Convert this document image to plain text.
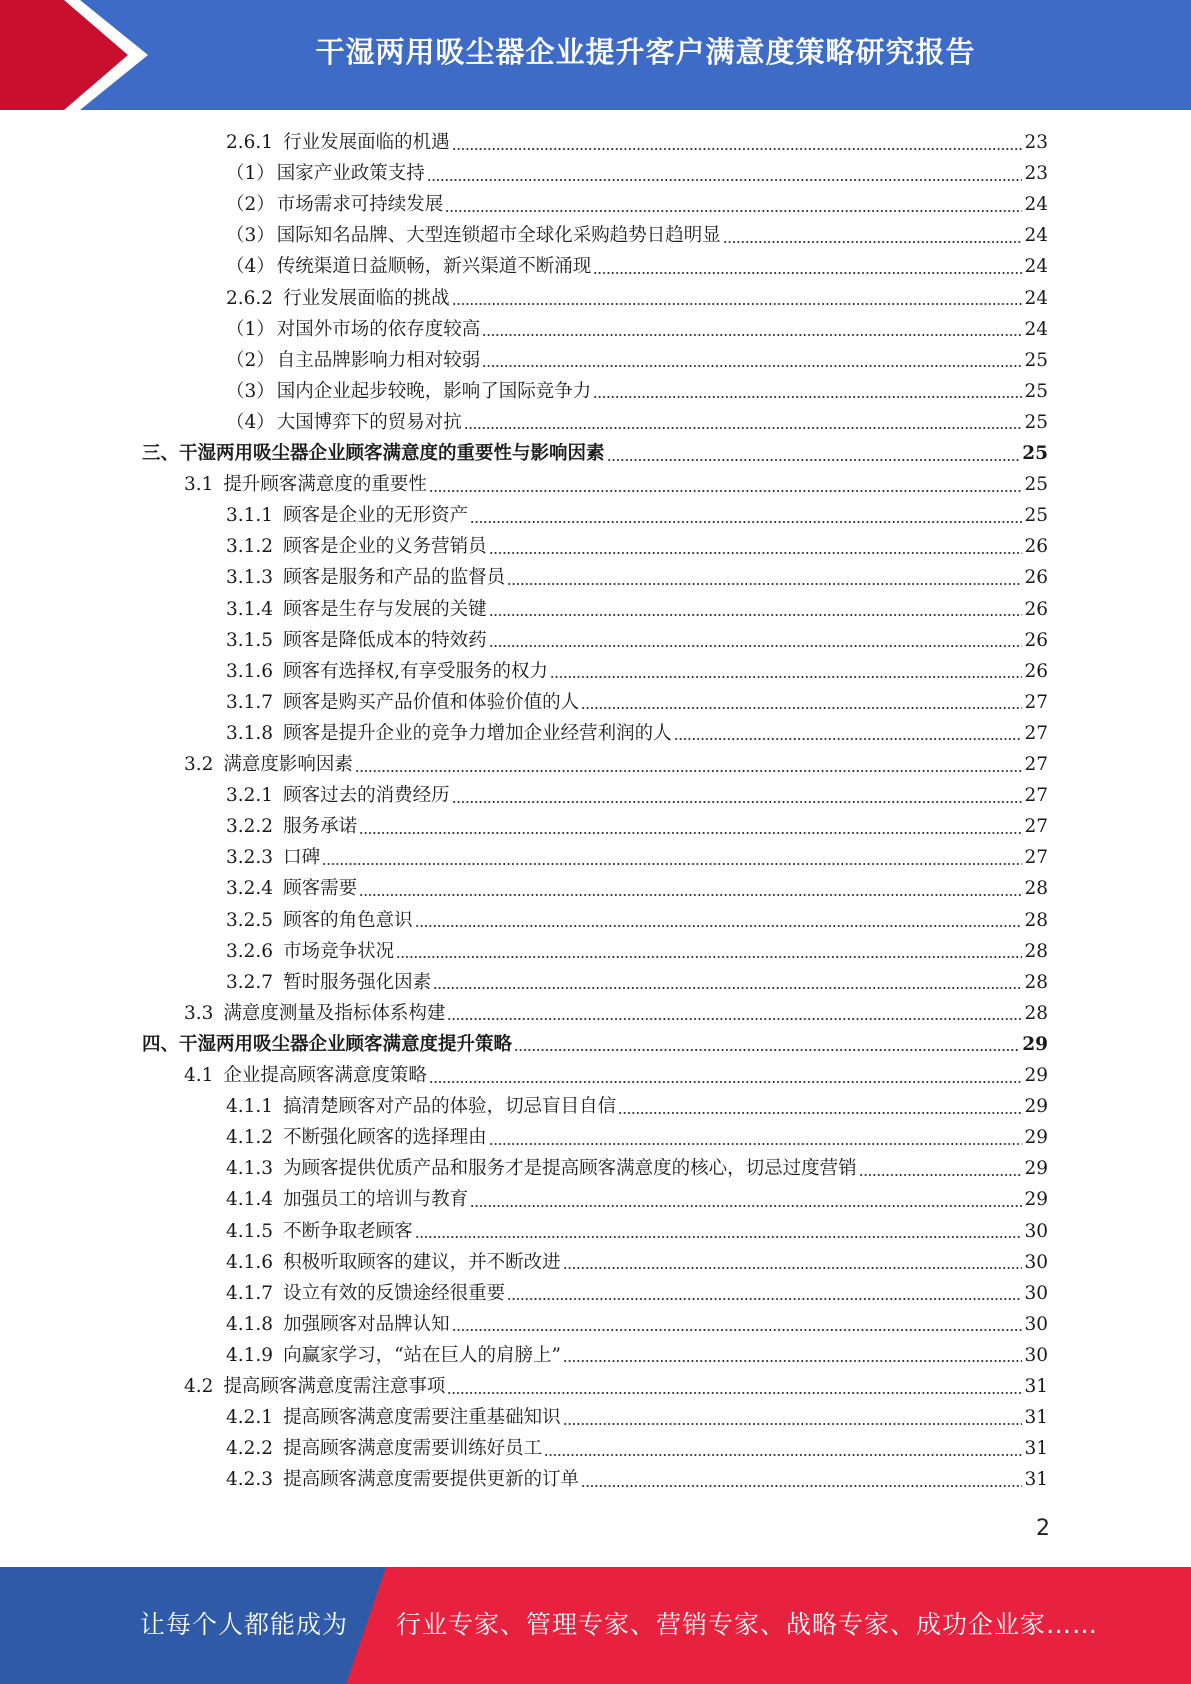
干湿两用吸尘器企业提升客户满意度策略研究报告
2.6.1 行业发展面临的机遇	23
（1） 国家产业政策支持	23
（2） 市场需求可持续发展	24
（3） 国际知名品牌、大型连锁超市全球化采购趋势日趋明显	24
（4） 传统渠道日益顺畅，新兴渠道不断涌现	24
2.6.2 行业发展面临的挑战	24
（1） 对国外市场的依存度较高	24
（2） 自主品牌影响力相对较弱	25
（3） 国内企业起步较晚，影响了国际竞争力	25
（4） 大国博弈下的贸易对抗	25
三、干湿两用吸尘器企业顾客满意度的重要性与影响因素	25
3.1 提升顾客满意度的重要性	25
3.1.1 顾客是企业的无形资产	25
3.1.2 顾客是企业的义务营销员	26
3.1.3 顾客是服务和产品的监督员	26
3.1.4 顾客是生存与发展的关键	26
3.1.5 顾客是降低成本的特效药	26
3.1.6 顾客有选择权,有享受服务的权力	26
3.1.7 顾客是购买产品价值和体验价值的人	27
3.1.8 顾客是提升企业的竞争力增加企业经营利润的人	27
3.2 满意度影响因素	27
3.2.1 顾客过去的消费经历	27
3.2.2 服务承诺	27
3.2.3 口碑	27
3.2.4 顾客需要	28
3.2.5 顾客的角色意识	28
3.2.6 市场竞争状况	28
3.2.7 暂时服务强化因素	28
3.3 满意度测量及指标体系构建	28
四、干湿两用吸尘器企业顾客满意度提升策略	29
4.1 企业提高顾客满意度策略	29
4.1.1 搞清楚顾客对产品的体验，切忌盲目自信	29
4.1.2 不断强化顾客的选择理由	29
4.1.3 为顾客提供优质产品和服务才是提高顾客满意度的核心，切忌过度营销	29
4.1.4 加强员工的培训与教育	29
4.1.5 不断争取老顾客	30
4.1.6 积极听取顾客的建议，并不断改进	30
4.1.7 设立有效的反馈途经很重要	30
4.1.8 加强顾客对品牌认知	30
4.1.9 向赢家学习，“站在巨人的肩膀上”	30
4.2 提高顾客满意度需注意事项	31
4.2.1 提高顾客满意度需要注重基础知识	31
4.2.2 提高顾客满意度需要训练好员工	31
4.2.3 提高顾客满意度需要提供更新的订单	31
2
让每个人都能成为 行业专家、管理专家、营销专家、战略专家、成功企业家……
